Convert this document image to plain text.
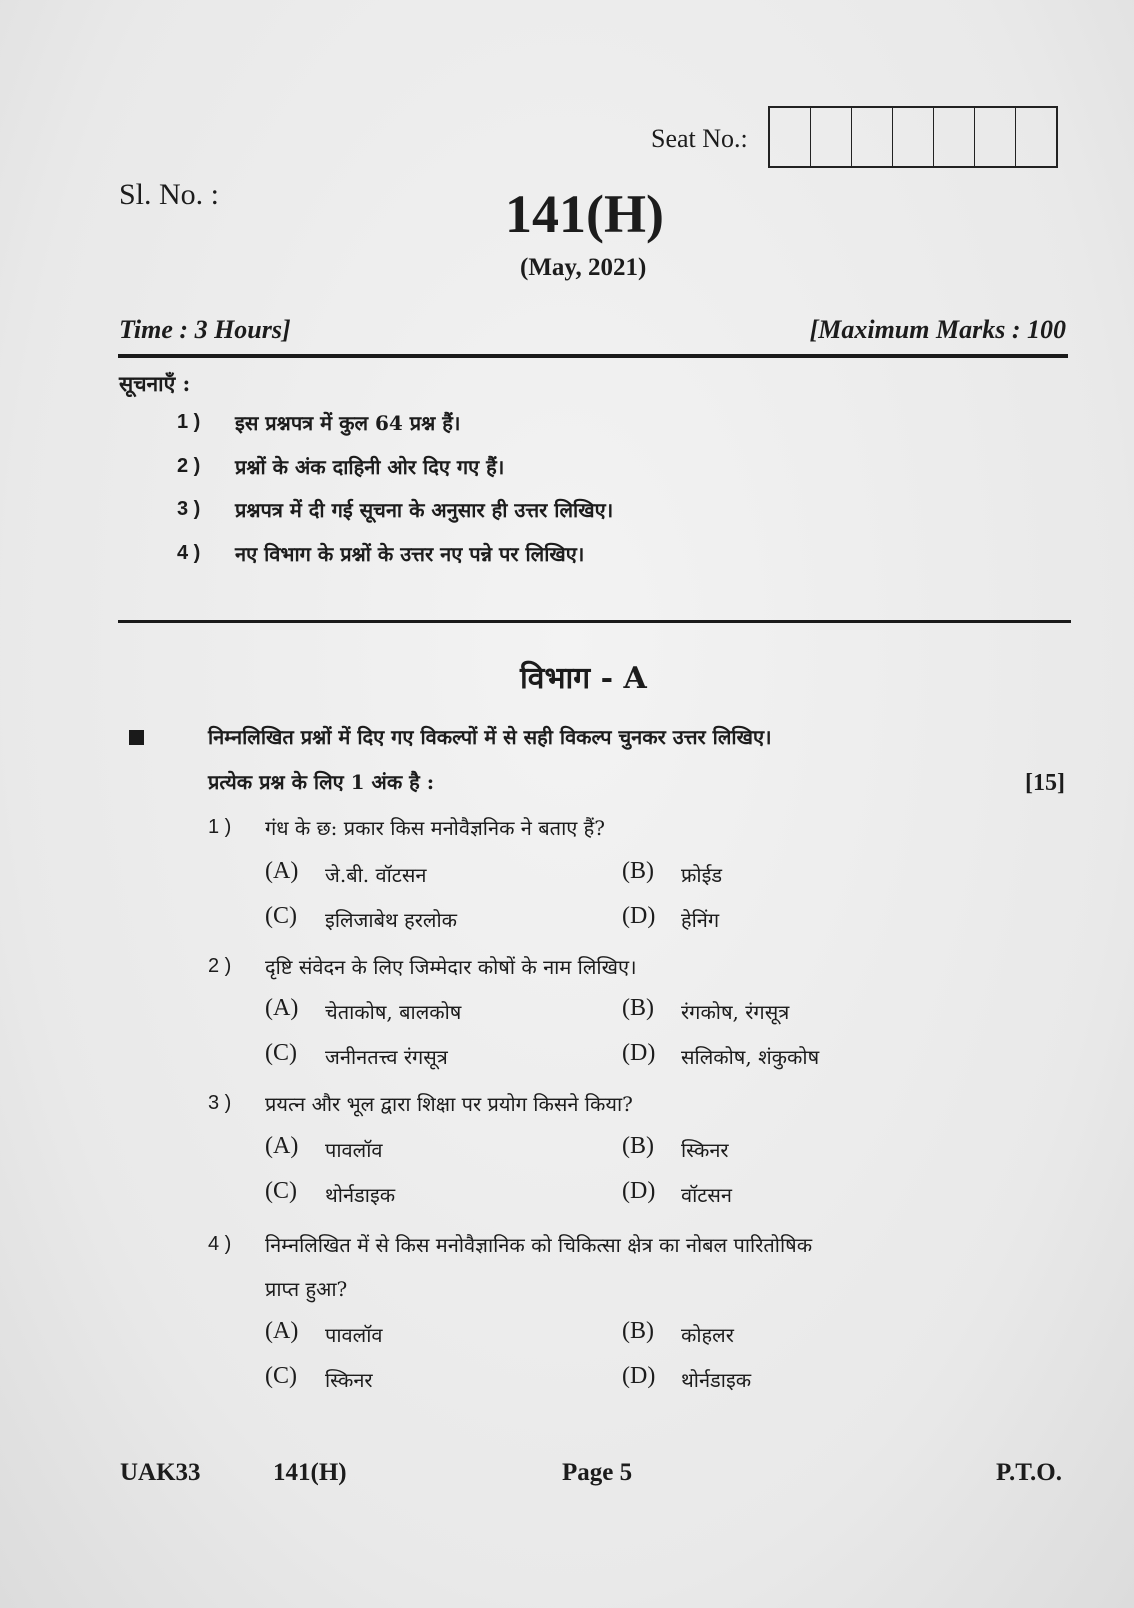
Seat No.:
Sl. No. :	141(H)
(May, 2021)
Time : 3 Hours]	[Maximum Marks : 100
सूचनाएँ :
1 ) इस प्रश्नपत्र में कुल 64 प्रश्न हैं।
2 ) प्रश्नों के अंक दाहिनी ओर दिए गए हैं।
3 ) प्रश्नपत्र में दी गई सूचना के अनुसार ही उत्तर लिखिए।
4 ) नए विभाग के प्रश्नों के उत्तर नए पन्ने पर लिखिए।
विभाग - A
निम्नलिखित प्रश्नों में दिए गए विकल्पों में से सही विकल्प चुनकर उत्तर लिखिए।
प्रत्येक प्रश्न के लिए 1 अंक है :	[15]
1 ) गंध के छ: प्रकार किस मनोवैज्ञनिक ने बताए हैं?
(A) जे.बी. वॉटसन	(B) फ्रोईड
(C) इलिजाबेथ हरलोक	(D) हेनिंग
2 ) दृष्टि संवेदन के लिए जिम्मेदार कोषों के नाम लिखिए।
(A) चेताकोष, बालकोष	(B) रंगकोष, रंगसूत्र
(C) जनीनतत्त्व रंगसूत्र	(D) सलिकोष, शंकुकोष
3 ) प्रयत्न और भूल द्वारा शिक्षा पर प्रयोग किसने किया?
(A) पावलॉव	(B) स्किनर
(C) थोर्नडाइक	(D) वॉटसन
4 ) निम्नलिखित में से किस मनोवैज्ञानिक को चिकित्सा क्षेत्र का नोबल पारितोषिक
प्राप्त हुआ?
(A) पावलॉव	(B) कोहलर
(C) स्किनर	(D) थोर्नडाइक
UAK33	141(H)	Page 5	P.T.O.
